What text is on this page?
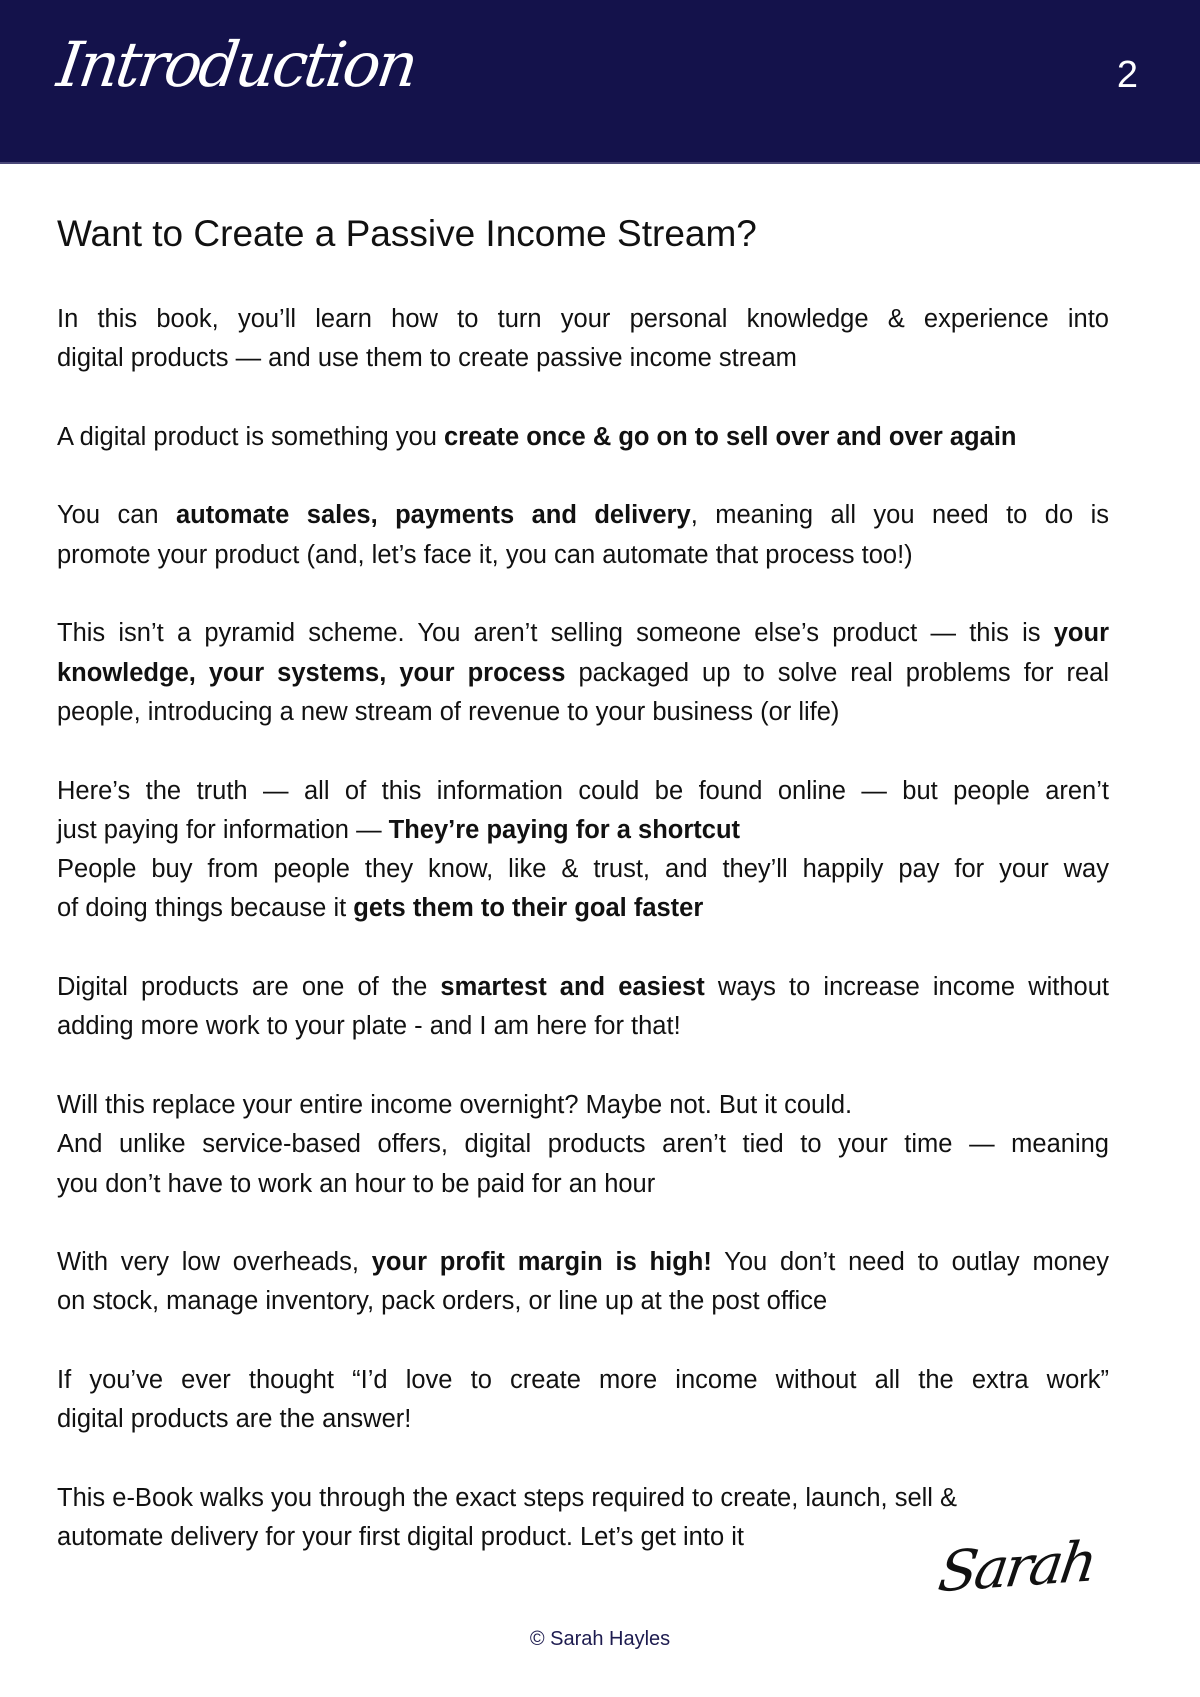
Introduction	2
Want to Create a Passive Income Stream?

In this book, you’ll learn how to turn your personal knowledge & experience into
digital products — and use them to create passive income stream

A digital product is something you create once & go on to sell over and over again

You can automate sales, payments and delivery, meaning all you need to do is
promote your product (and, let’s face it, you can automate that process too!)

This isn’t a pyramid scheme. You aren’t selling someone else’s product — this is your
knowledge, your systems, your process packaged up to solve real problems for real
people, introducing a new stream of revenue to your business (or life)

Here’s the truth — all of this information could be found online — but people aren’t
just paying for information — They’re paying for a shortcut
People buy from people they know, like & trust, and they’ll happily pay for your way
of doing things because it gets them to their goal faster

Digital products are one of the smartest and easiest ways to increase income without
adding more work to your plate - and I am here for that!

Will this replace your entire income overnight? Maybe not. But it could.
And unlike service-based offers, digital products aren’t tied to your time — meaning
you don’t have to work an hour to be paid for an hour

With very low overheads, your profit margin is high! You don’t need to outlay money
on stock, manage inventory, pack orders, or line up at the post office

If you’ve ever thought “I’d love to create more income without all the extra work”
digital products are the answer!

This e-Book walks you through the exact steps required to create, launch, sell &
automate delivery for your first digital product. Let’s get into it	Sarah
© Sarah Hayles
